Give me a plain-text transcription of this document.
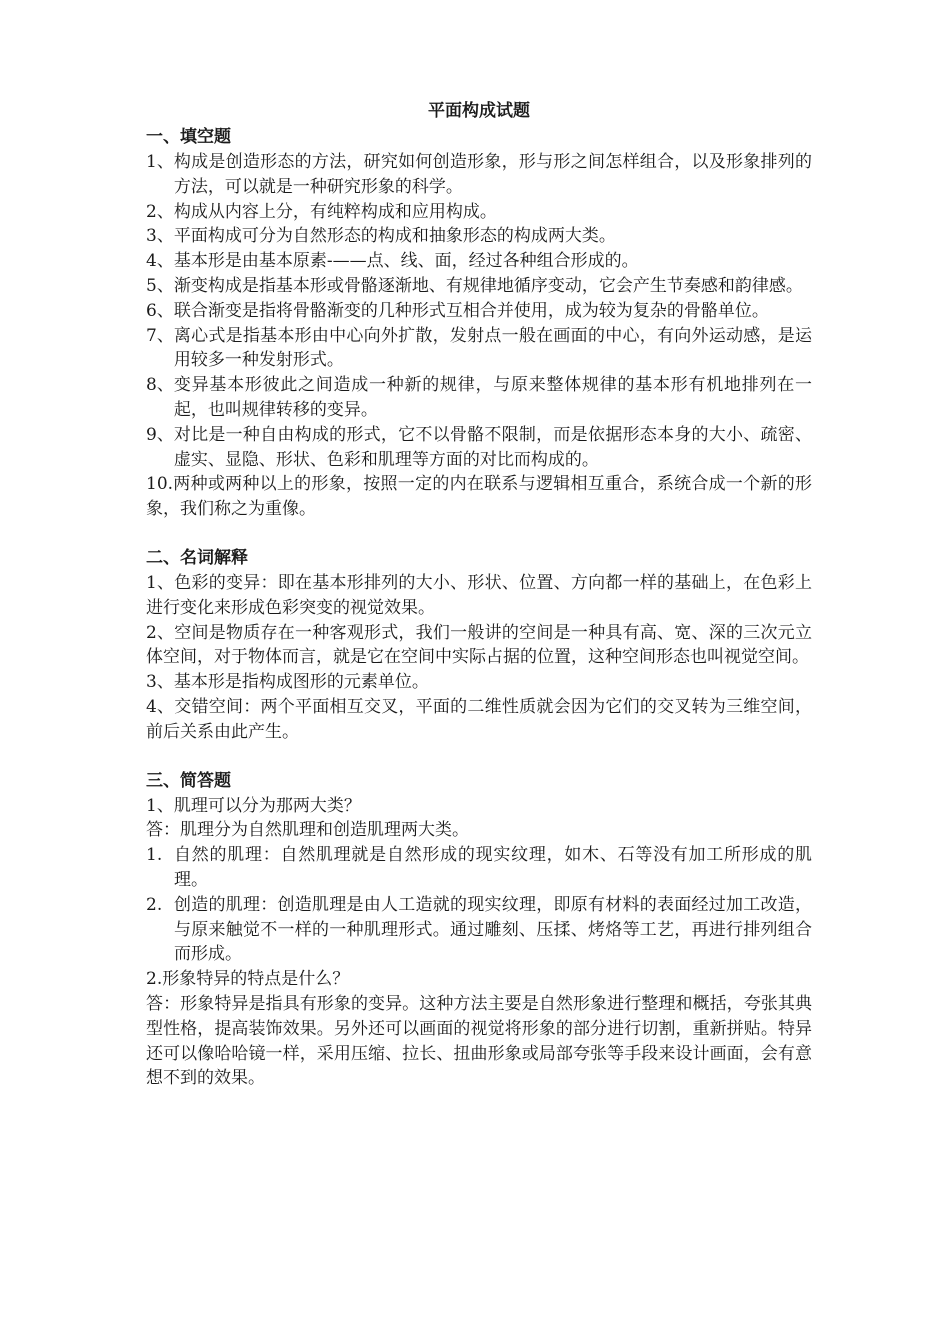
平面构成试题
一、填空题
1、 构成是创造形态的方法，研究如何创造形象，形与形之间怎样组合，以及形象排列的方法，可以就是一种研究形象的科学。
2、 构成从内容上分，有纯粹构成和应用构成。
3、 平面构成可分为自然形态的构成和抽象形态的构成两大类。
4、 基本形是由基本原素-——点、线、面，经过各种组合形成的。
5、 渐变构成是指基本形或骨骼逐渐地、有规律地循序变动，它会产生节奏感和韵律感。
6、 联合渐变是指将骨骼渐变的几种形式互相合并使用，成为较为复杂的骨骼单位。
7、 离心式是指基本形由中心向外扩散，发射点一般在画面的中心，有向外运动感，是运用较多一种发射形式。
8、 变异基本形彼此之间造成一种新的规律，与原来整体规律的基本形有机地排列在一起，也叫规律转移的变异。
9、 对比是一种自由构成的形式，它不以骨骼不限制，而是依据形态本身的大小、疏密、虚实、显隐、形状、色彩和肌理等方面的对比而构成的。

10.两种或两种以上的形象，按照一定的内在联系与逻辑相互重合，系统合成一个新的形象，我们称之为重像。

二、名词解释

1、色彩的变异：即在基本形排列的大小、形状、位置、方向都一样的基础上，在色彩上进行变化来形成色彩突变的视觉效果。

2、空间是物质存在一种客观形式，我们一般讲的空间是一种具有高、宽、深的三次元立体空间，对于物体而言，就是它在空间中实际占据的位置，这种空间形态也叫视觉空间。

3、基本形是指构成图形的元素单位。

4、交错空间：两个平面相互交叉，平面的二维性质就会因为它们的交叉转为三维空间，前后关系由此产生。

三、简答题

1、肌理可以分为那两大类？

答：肌理分为自然肌理和创造肌理两大类。

1. 自然的肌理：自然肌理就是自然形成的现实纹理，如木、石等没有加工所形成的肌理。
2. 创造的肌理：创造肌理是由人工造就的现实纹理，即原有材料的表面经过加工改造，与原来触觉不一样的一种肌理形式。通过雕刻、压揉、烤烙等工艺，再进行排列组合而形成。

2.形象特异的特点是什么？

答：形象特异是指具有形象的变异。这种方法主要是自然形象进行整理和概括，夸张其典型性格，提高装饰效果。另外还可以画面的视觉将形象的部分进行切割，重新拼贴。特异还可以像哈哈镜一样，采用压缩、拉长、扭曲形象或局部夸张等手段来设计画面，会有意想不到的效果。
